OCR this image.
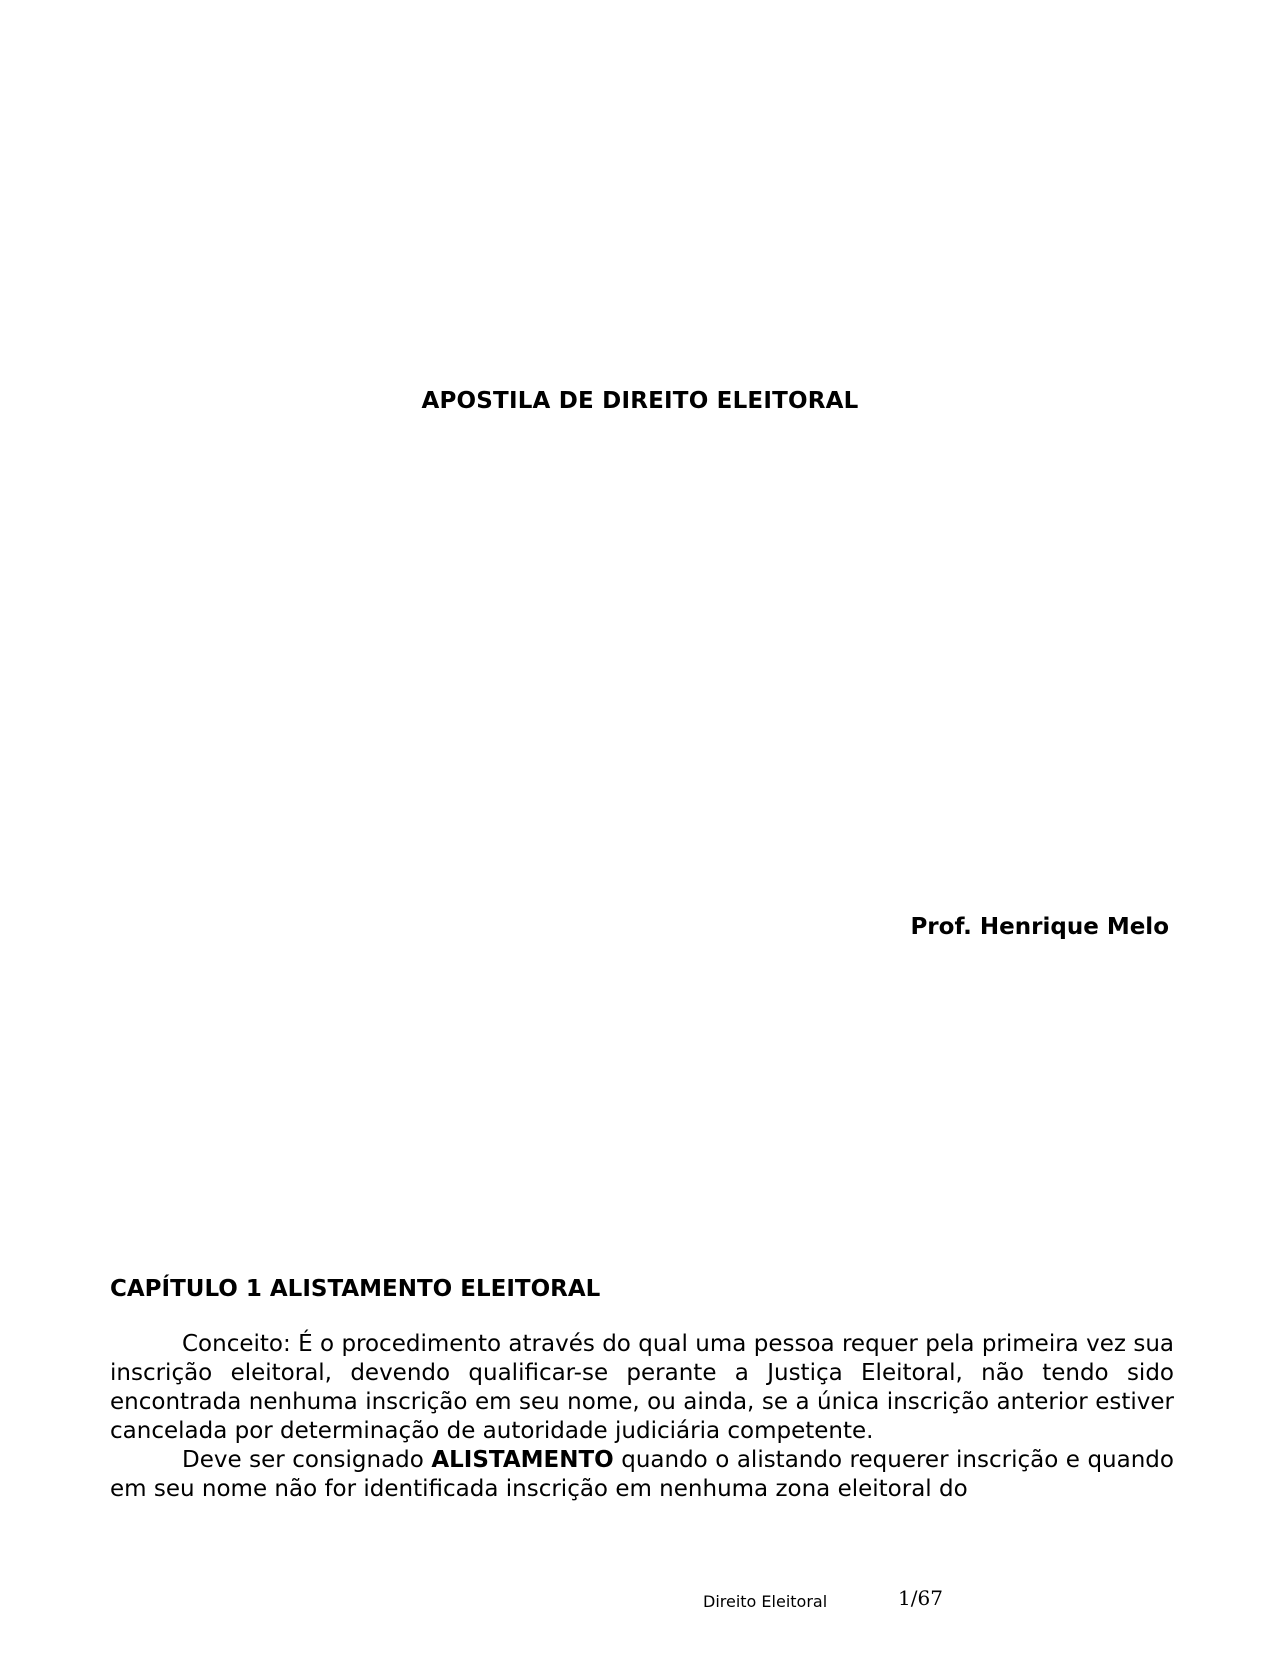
APOSTILA DE DIREITO ELEITORAL
Prof. Henrique Melo
CAPÍTULO 1 ALISTAMENTO ELEITORAL

Conceito: É o procedimento através do qual uma pessoa requer pela primeira vez sua inscrição eleitoral, devendo qualificar-se perante a Justiça Eleitoral, não tendo sido encontrada nenhuma inscrição em seu nome, ou ainda, se a única inscrição anterior estiver cancelada por determinação de autoridade judiciária competente.

Deve ser consignado ALISTAMENTO quando o alistando requerer inscrição e quando em seu nome não for identificada inscrição em nenhuma zona eleitoral do

Direito Eleitoral	1/67
